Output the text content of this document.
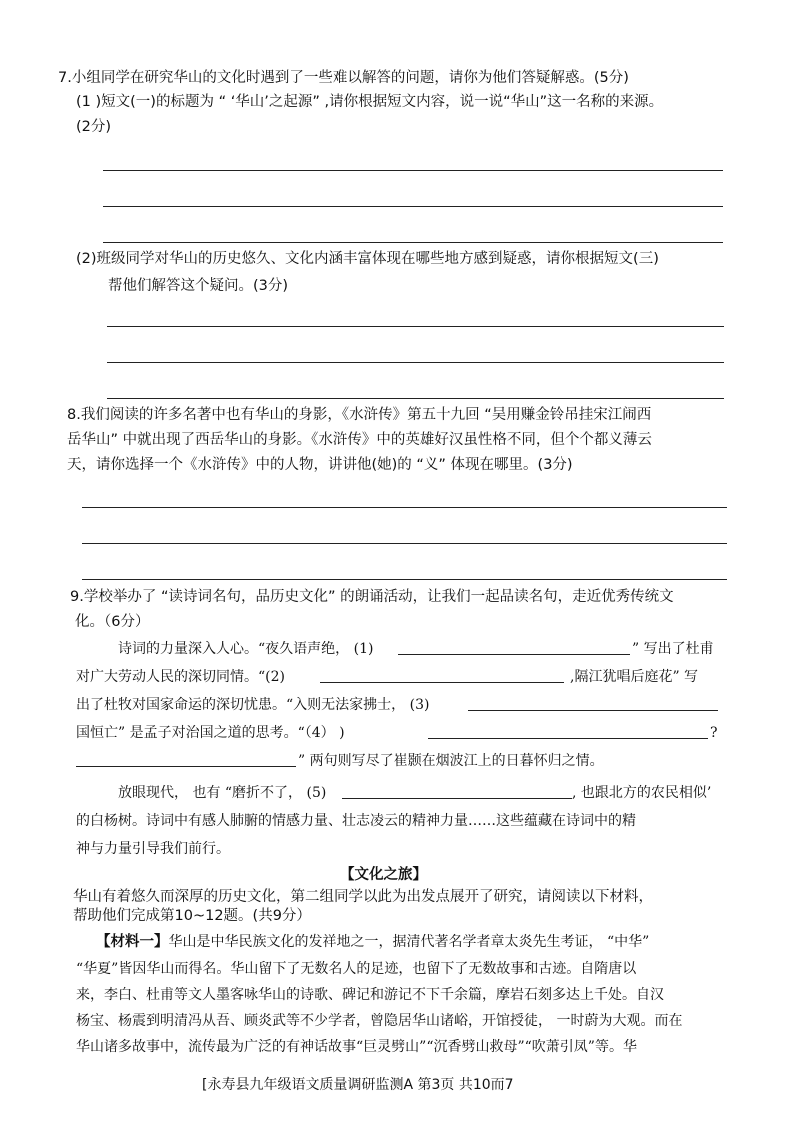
7.小组同学在研究华山的文化时遇到了一些难以解答的问题，请你为他们答疑解惑。(5分)
(1 )短文(一)的标题为 “ ‘华山’之起源” ,请你根据短文内容，说一说“华山”这一名称的来源。
(2分)
(2)班级同学对华山的历史悠久、文化内涵丰富体现在哪些地方感到疑惑，请你根据短文(三)
帮他们解答这个疑问。(3分)
8.我们阅读的许多名著中也有华山的身影，《水浒传》第五十九回 “吴用赚金铃吊挂宋江闹西
岳华山” 中就出现了西岳华山的身影。《水浒传》中的英雄好汉虽性格不同，但个个都义薄云
天，请你选择一个《水浒传》中的人物，讲讲他(她)的 “义” 体现在哪里。(3分)
9.学校举办了 “读诗词名句，品历史文化” 的朗诵活动，让我们一起品读名句，走近优秀传统文
化。（6分）
诗词的力量深入人心。“夜久语声绝， (1)	” 写出了杜甫
对广大劳动人民的深切同情。“(2)	,隔江犹唱后庭花” 写
出了杜牧对国家命运的深切忧患。“入则无法家拂士， (3)
国恒亡” 是孟子对治国之道的思考。“（4） )	?
” 两句则写尽了崔颢在烟波江上的日暮怀归之情。
放眼现代， 也有 “磨折不了， (5)	, 也跟北方的农民相似’
的白杨树。诗词中有感人肺腑的情感力量、壮志凌云的精神力量……这些蕴藏在诗词中的精
神与力量引导我们前行。
【文化之旅】
华山有着悠久而深厚的历史文化，第二组同学以此为出发点展开了研究，请阅读以下材料，
帮助他们完成第10~12题。(共9分）
【材料一】华山是中华民族文化的发祥地之一，据清代著名学者章太炎先生考证， “中华”
“华夏”皆因华山而得名。华山留下了无数名人的足迹，也留下了无数故事和古迹。自隋唐以
来，李白、杜甫等文人墨客咏华山的诗歌、碑记和游记不下千余篇，摩岩石刻多达上千处。自汉
杨宝、杨震到明清冯从吾、顾炎武等不少学者，曾隐居华山诸峪，开馆授徒， 一时蔚为大观。而在
华山诸多故事中，流传最为广泛的有神话故事“巨灵劈山”“沉香劈山救母”“吹萧引凤”等。华
[永寿县九年级语文质量调研监测A 第3页 共10而7
